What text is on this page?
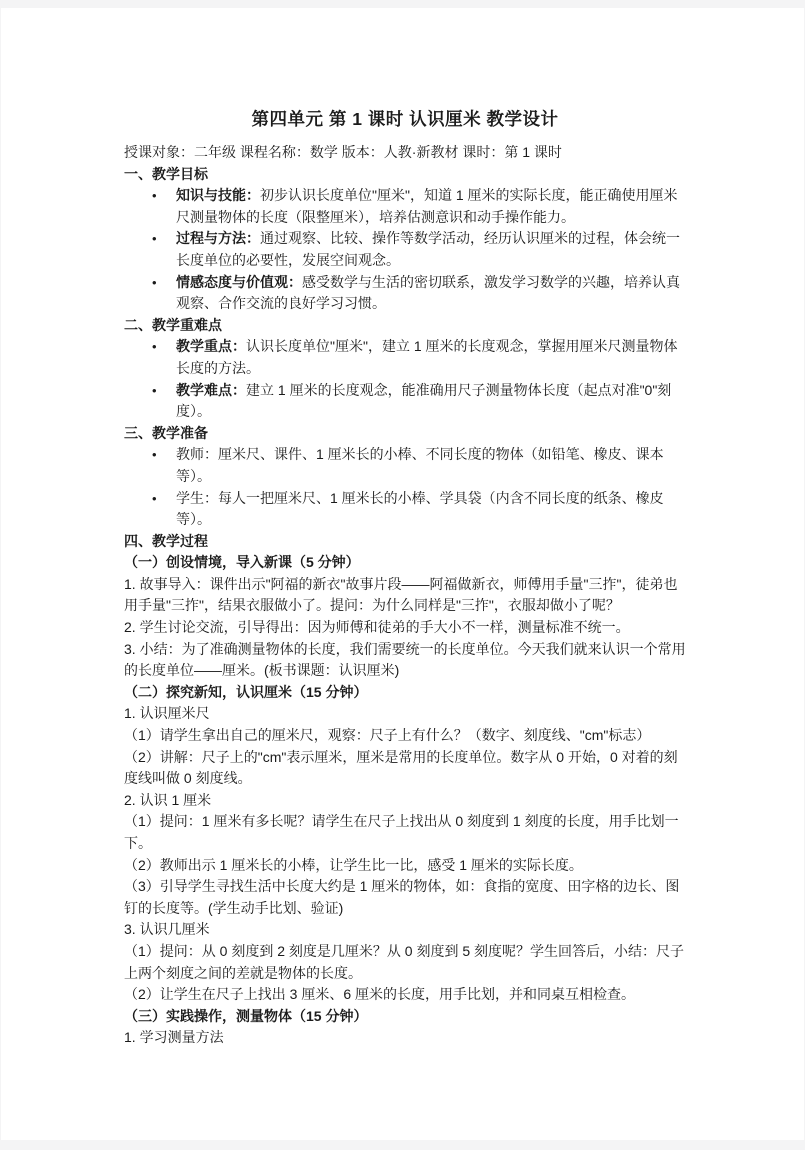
第四单元 第 1 课时 认识厘米 教学设计
授课对象：二年级 课程名称：数学 版本：人教·新教材 课时：第 1 课时

一、教学目标

•	知识与技能：初步认识长度单位"厘米"，知道 1 厘米的实际长度，能正确使用厘米尺测量物体的长度（限整厘米），培养估测意识和动手操作能力。
•	过程与方法：通过观察、比较、操作等数学活动，经历认识厘米的过程，体会统一长度单位的必要性，发展空间观念。
•	情感态度与价值观：感受数学与生活的密切联系，激发学习数学的兴趣，培养认真观察、合作交流的良好学习习惯。

二、教学重难点

•	教学重点：认识长度单位"厘米"，建立 1 厘米的长度观念，掌握用厘米尺测量物体长度的方法。
•	教学难点：建立 1 厘米的长度观念，能准确用尺子测量物体长度（起点对准"0"刻度）。

三、教学准备

•	教师：厘米尺、课件、1 厘米长的小棒、不同长度的物体（如铅笔、橡皮、课本等）。
•	学生：每人一把厘米尺、1 厘米长的小棒、学具袋（内含不同长度的纸条、橡皮等）。

四、教学过程

（一）创设情境，导入新课（5 分钟）

1. 故事导入：课件出示"阿福的新衣"故事片段——阿福做新衣，师傅用手量"三拃"，徒弟也用手量"三拃"，结果衣服做小了。提问：为什么同样是"三拃"，衣服却做小了呢？

2. 学生讨论交流，引导得出：因为师傅和徒弟的手大小不一样，测量标准不统一。

3. 小结：为了准确测量物体的长度，我们需要统一的长度单位。今天我们就来认识一个常用的长度单位——厘米。(板书课题：认识厘米)

（二）探究新知，认识厘米（15 分钟）

1. 认识厘米尺

（1）请学生拿出自己的厘米尺，观察：尺子上有什么？（数字、刻度线、"cm"标志）

（2）讲解：尺子上的"cm"表示厘米，厘米是常用的长度单位。数字从 0 开始，0 对着的刻度线叫做 0 刻度线。

2. 认识 1 厘米

（1）提问：1 厘米有多长呢？请学生在尺子上找出从 0 刻度到 1 刻度的长度，用手比划一下。

（2）教师出示 1 厘米长的小棒，让学生比一比，感受 1 厘米的实际长度。

（3）引导学生寻找生活中长度大约是 1 厘米的物体，如：食指的宽度、田字格的边长、图钉的长度等。(学生动手比划、验证)

3. 认识几厘米

（1）提问：从 0 刻度到 2 刻度是几厘米？从 0 刻度到 5 刻度呢？学生回答后，小结：尺子上两个刻度之间的差就是物体的长度。

（2）让学生在尺子上找出 3 厘米、6 厘米的长度，用手比划，并和同桌互相检查。

（三）实践操作，测量物体（15 分钟）

1. 学习测量方法
